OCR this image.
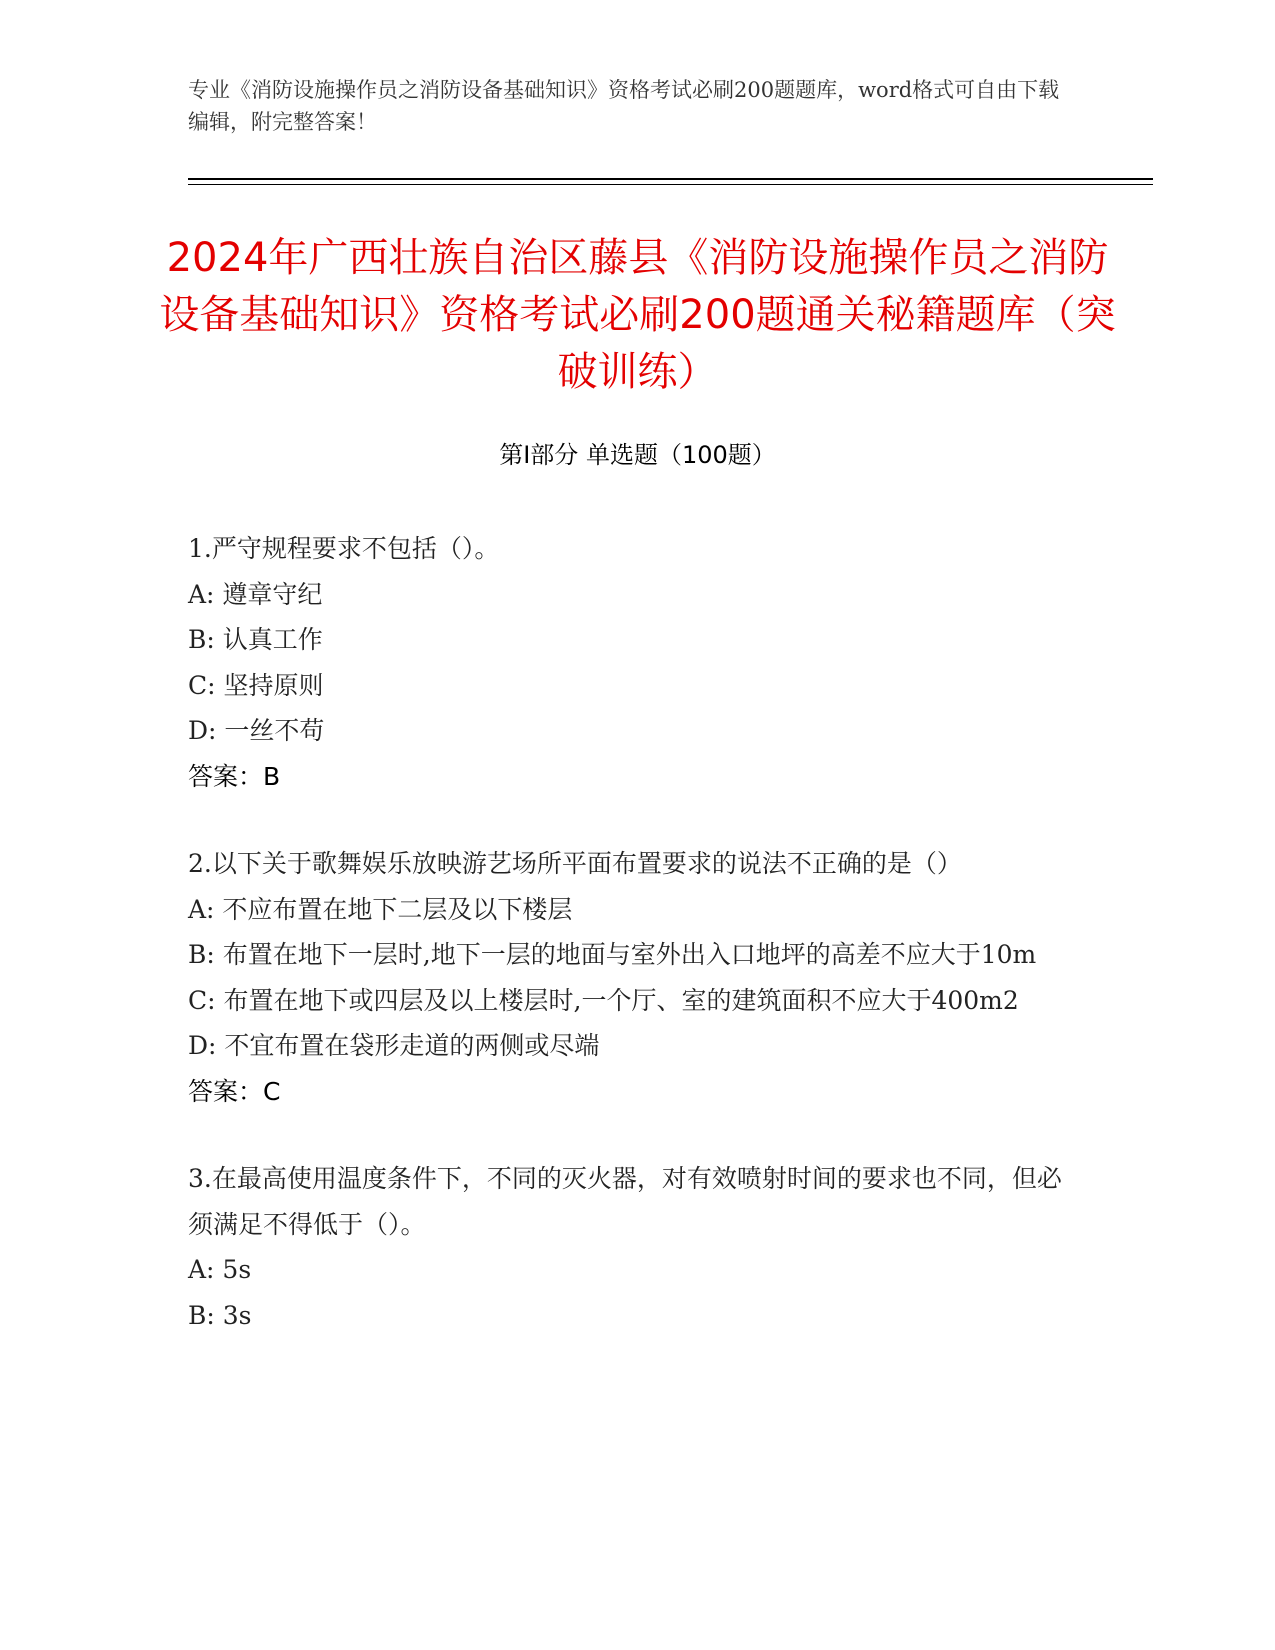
专业《消防设施操作员之消防设备基础知识》资格考试必刷200题题库，word格式可自由下载编辑，附完整答案！
2024年广西壮族自治区藤县《消防设施操作员之消防设备基础知识》资格考试必刷200题通关秘籍题库（突破训练）
第Ⅰ部分 单选题（100题）
1.严守规程要求不包括（）。
A: 遵章守纪
B: 认真工作
C: 坚持原则
D: 一丝不苟
答案：B
2.以下关于歌舞娱乐放映游艺场所平面布置要求的说法不正确的是（）
A: 不应布置在地下二层及以下楼层
B: 布置在地下一层时,地下一层的地面与室外出入口地坪的高差不应大于10m
C: 布置在地下或四层及以上楼层时,一个厅、室的建筑面积不应大于400m2
D: 不宜布置在袋形走道的两侧或尽端
答案：C
3.在最高使用温度条件下，不同的灭火器，对有效喷射时间的要求也不同，但必须满足不得低于（）。
A: 5s
B: 3s
